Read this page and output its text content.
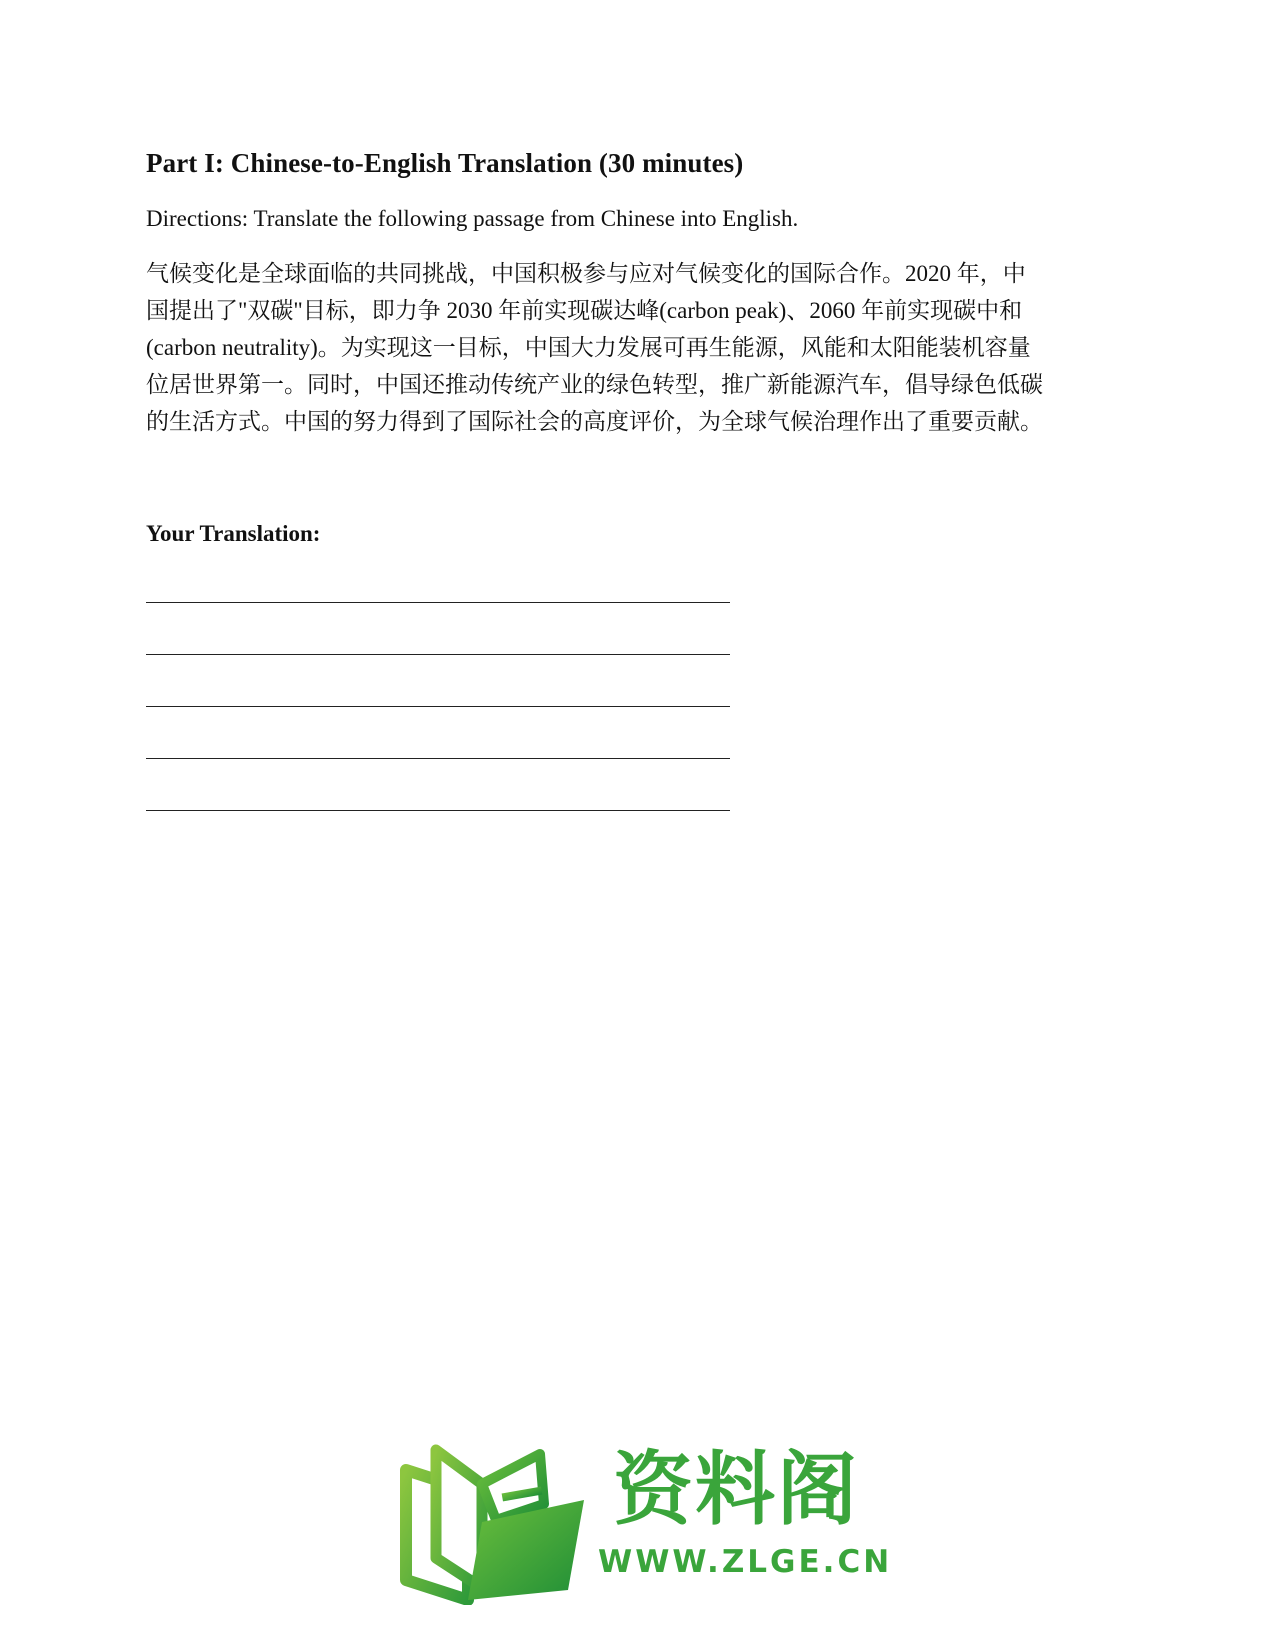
Part I: Chinese-to-English Translation (30 minutes)
Directions: Translate the following passage from Chinese into English.
气候变化是全球面临的共同挑战，中国积极参与应对气候变化的国际合作。2020 年，中
国提出了"双碳"目标，即力争 2030 年前实现碳达峰(carbon peak)、2060 年前实现碳中和
(carbon neutrality)。为实现这一目标，中国大力发展可再生能源，风能和太阳能装机容量
位居世界第一。同时，中国还推动传统产业的绿色转型，推广新能源汽车，倡导绿色低碳
的生活方式。中国的努力得到了国际社会的高度评价，为全球气候治理作出了重要贡献。
Your Translation:
资料阁
WWW.ZLGE.CN
